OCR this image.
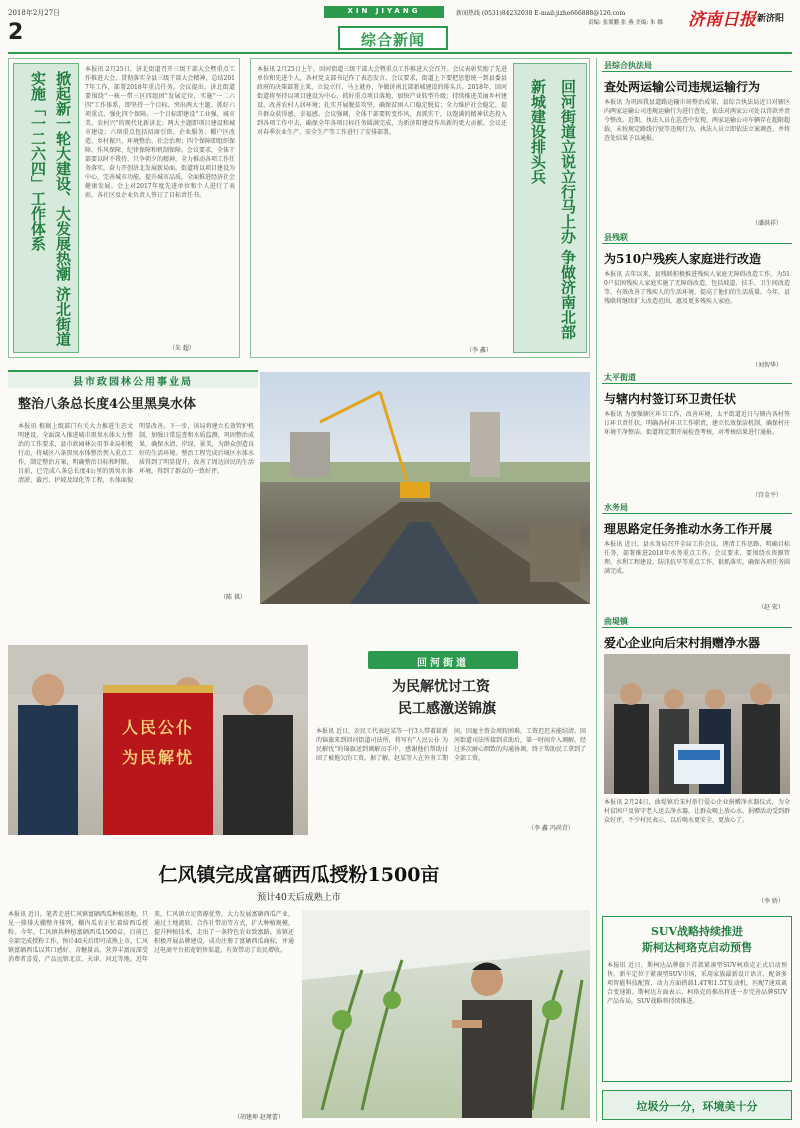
2018年2月27日
2
XIN JIYANG	新闻热线 (0531)84232038 E-mail:jizhe666888@126.com
责编: 张冀鹏 张 燕 美编: 朱 娜 济南日报 新济阳
综合新闻
掀起新一轮大建设、大发展热潮 济北街道实施「一二六四」工作体系
本报讯 2月25日，济北街道召开三级干部大会暨重点工作推进大会，贯彻落实全县三级干部大会精神，总结2017年工作，部署2018年重点任务。会议提出，济北街道要围绕"一核一带三区四组团"发展定位，实施"一二六四"工作体系，即坚持一个目标、突出两大主题、抓好六项重点、强化四个保障。一个目标即建设"工业强、城市美、农村兴"的现代化新济北；两大主题即项目建设和城市建设；六项重点包括招商引资、企业服务、棚户区改造、乡村振兴、环境整治、社会治理；四个保障即组织保障、作风保障、纪律保障和机制保障。会议要求，全体干部要以时不我待、只争朝夕的精神，全力推动各项工作任务落实，奋力开创济北发展新局面。街道将以项目建设为中心，完善城市功能，提升城市品质，全面推进经济社会健康发展。会上对2017年度先进单位和个人进行了表彰，各社区及企业负责人签订了目标责任书。
（朱 超）
本报讯 2月25日上午，回河街道三级干部大会暨重点工作推进大会召开。会议表彰奖励了先进单位和先进个人，各村党支部书记作了表态发言。会议要求，街道上下要把思想统一到县委县政府的决策部署上来，立说立行、马上就办，争做济南北部新城建设的排头兵。2018年，回河街道将坚持以项目建设为中心，抓好重点项目落地，加快产业转型升级；持续推进美丽乡村建设，改善农村人居环境；扎实开展脱贫攻坚，确保贫困人口稳定脱贫；全力维护社会稳定，提升群众获得感、幸福感。会议强调，全体干部要转变作风、真抓实干，以饱满的精神状态投入到各项工作中去，确保全年各项目标任务圆满完成，为新济阳建设作出新的更大贡献。会议还对春季农业生产、安全生产等工作进行了安排部署。
（李 鑫）
回河街道立说立行马上办 争做济南北部新城建设排头兵
县市政园林公用事业局
整治八条总长度4公里黑臭水体
本报讯 根据上级部门有关大力推进生态文明建设、全面深入推进城市黑臭水体大力整治的工作要求，县市政园林公用事业局积极行动，将城区八条黑臭水体整治列入重点工作，制定整治方案，明确整治目标和时限。目前，已完成八条总长度4公里的黑臭水体清淤、截污、护坡及绿化等工程，水体面貌明显改善。下一步，该局将建立长效管护机制，加强日常巡查和水质监测，巩固整治成果，确保水清、岸绿、景美，为群众创造良好的生活环境。整治工程完成后城区水体水质得到了明显提升，改善了周边居民的生活环境，得到了群众的一致好评。
（陈 祺）
人民公仆
为民解忧
回河街道
为民解忧讨工资
民工感激送锦旗
本报讯 近日，农民工代表赵某等一行3人带着崭新的锦旗来到回河街道司法所，将写有"人民公仆 为民解忧"的锦旗送到调解员手中，感谢他们帮助讨回了被拖欠的工资。据了解，赵某等人在外务工期间，因雇主资金周转困难，工资迟迟未能结清。回河街道司法所接到求助后，第一时间介入调解，经过多次耐心细致的沟通协调，终于帮助民工拿到了全部工资。
（李 鑫 冯尚青）
仁风镇完成富硒西瓜授粉1500亩
预计40天后成熟上市
本报讯 近日，笔者走进仁风镇富硒西瓜种植基地，只见一排排大棚整齐排列，棚内瓜农正忙着给西瓜授粉。今年，仁风镇共种植富硒西瓜1500亩，目前已全部完成授粉工作，预计40天后即可成熟上市。仁风镇富硒西瓜以其口感好、含糖量高、营养丰富而深受消费者喜爱，产品远销北京、天津、河北等地。近年来，仁风镇立足资源优势，大力发展富硒西瓜产业，通过土地流转、合作社带动等方式，扩大种植规模，提升种植技术，走出了一条特色农业致富路。该镇还积极开展品牌建设，成功注册了富硒西瓜商标，并通过电商平台拓宽销售渠道，有效带动了农民增收。
（胡建坤 赵瑾蕾）
县综合执法局
查处两运输公司违规运输行为
本报讯 为巩固我县道路运输市场整治成果，县综合执法局近日对辖区内两家运输公司违规运输行为进行查处，依法对两家公司处以罚款并责令整改。近期，执法人员在巡查中发现，两家运输公司车辆存在超限超载、未按规定路线行驶等违规行为，执法人员立即依法立案调查，并将查处结果予以通报。
（潘洪祥）
县残联
为510户残疾人家庭进行改造
本报讯 去年以来，县残联积极推进残疾人家庭无障碍改造工作，为510户贫困残疾人家庭实施了无障碍改造，包括坡道、扶手、卫生间改造等，有效改善了残疾人的生活环境，提高了他们的生活质量。今年，县残联将继续扩大改造范围，惠及更多残疾人家庭。
（刘智华）
太平街道
与辖内村签订环卫责任状
本报讯 为加强辖区环卫工作，改善环境，太平街道近日与辖内各村签订环卫责任状，明确各村环卫工作职责，建立长效保洁机制，确保村庄环境干净整洁。街道将定期开展检查考核，对考核结果进行通报。
（宫金平）
水务局
理思路定任务推动水务工作开展
本报讯 近日，县水务局召开全局工作会议，理清工作思路，明确目标任务，部署推进2018年水务重点工作。会议要求，要围绕水资源管理、水利工程建设、防汛抗旱等重点工作，狠抓落实，确保各项任务圆满完成。
（赵 宏）
曲堤镇
爱心企业向后宋村捐赠净水器
本报讯 2月24日，曲堤镇后宋村举行爱心企业捐赠净水器仪式，为全村贫困户及留守老人送去净水器，让群众喝上放心水。捐赠活动受到群众好评，不少村民表示，以后喝水更安全、更放心了。
（李 娇）
SUV战略持续推进
斯柯达柯珞克启动预售
本报讯 近日，斯柯达品牌旗下首款紧凑型SUV柯珞克正式启动预售。新车定位于紧凑型SUV市场，采用家族最新设计语言，配备多项智能科技配置，动力方面搭载1.4T和1.5T发动机，匹配7速双离合变速箱。斯柯达方面表示，柯珞克的推出将进一步完善品牌SUV产品布局，SUV战略将持续推进。
垃圾分一分，环境美十分
